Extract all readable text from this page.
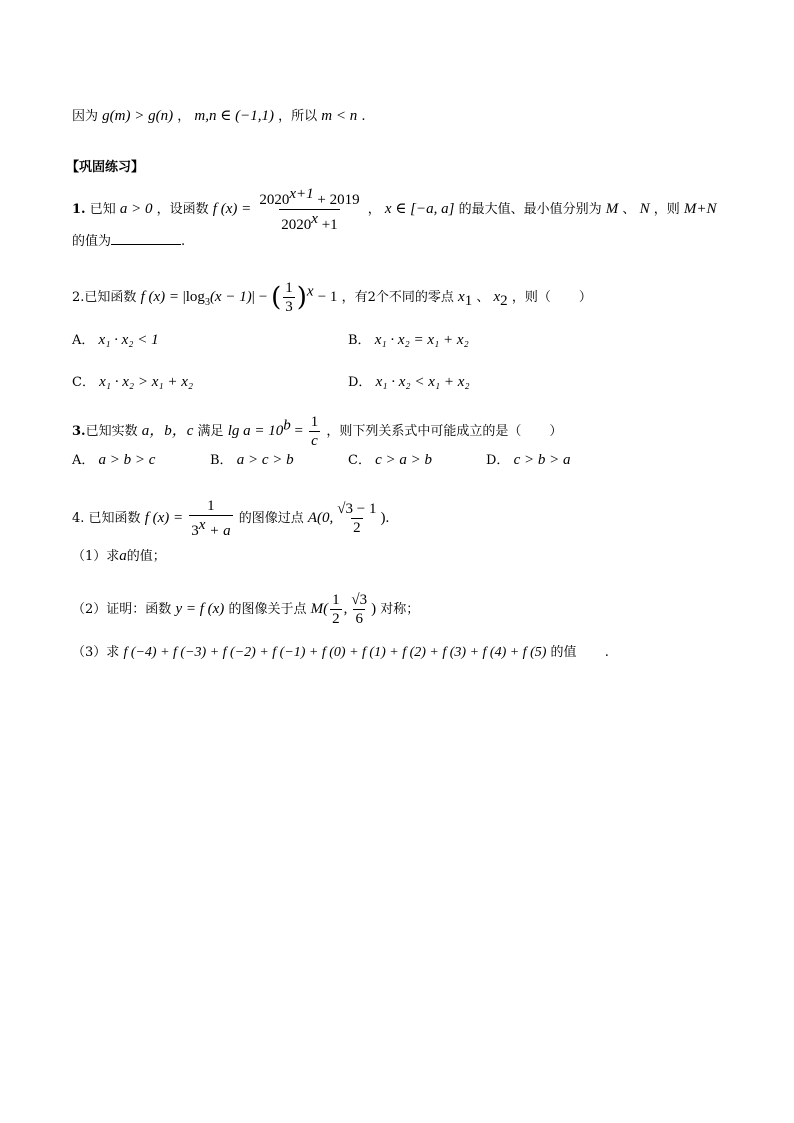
因为 g(m) > g(n) ， m,n ∈ (−1,1) ，所以 m < n .
【巩固练习】
1. 已知 a > 0 ，设函数 f $(x) = \frac{2020^{x+1} + 2019}{2020^x +1}$ ， x ∈ [−a, a] 的最大值、最小值分别为 M 、 N ，则 M+N
的值为	.
2.已知函数 f $(x) = |\log_3(x - 1)|$ − ( $\frac{1}{3} )^x - 1$ ，有2个不同的零点 $x_1$ 、 $x_2$ ，则（ ）
A． x₁ · x₂ < 1	B． x₁ · x₂ = x₁ + x₂
C． x₁ · x₂ > x₁ + x₂	D． x₁ · x₂ < x₁ + x₂
3.已知实数 a，b，c 满足 $\lg a = 10^b = \frac{1}{c}$ ，则下列关系式中可能成立的是（ ）
A． a > b > c	B． a > c > b	C． c > a > b	D． c > b > a
4. 已知函数 f $(x) = \frac{1}{3^x + a}$ 的图像过点 A(0, $\frac{√3 - 1}{2}$ ).
（1）求a的值；
（2）证明：函数 y = f (x) 的图像关于点 $M( \frac{1}{2}$ , $\frac{√3}{6}$ ) 对称；
（3）求 f (−4) + f (−3) + f (−2) + f (−1) + f (0) + f (1) + f (2) + f (3) + f (4) + f (5) 的值 .
